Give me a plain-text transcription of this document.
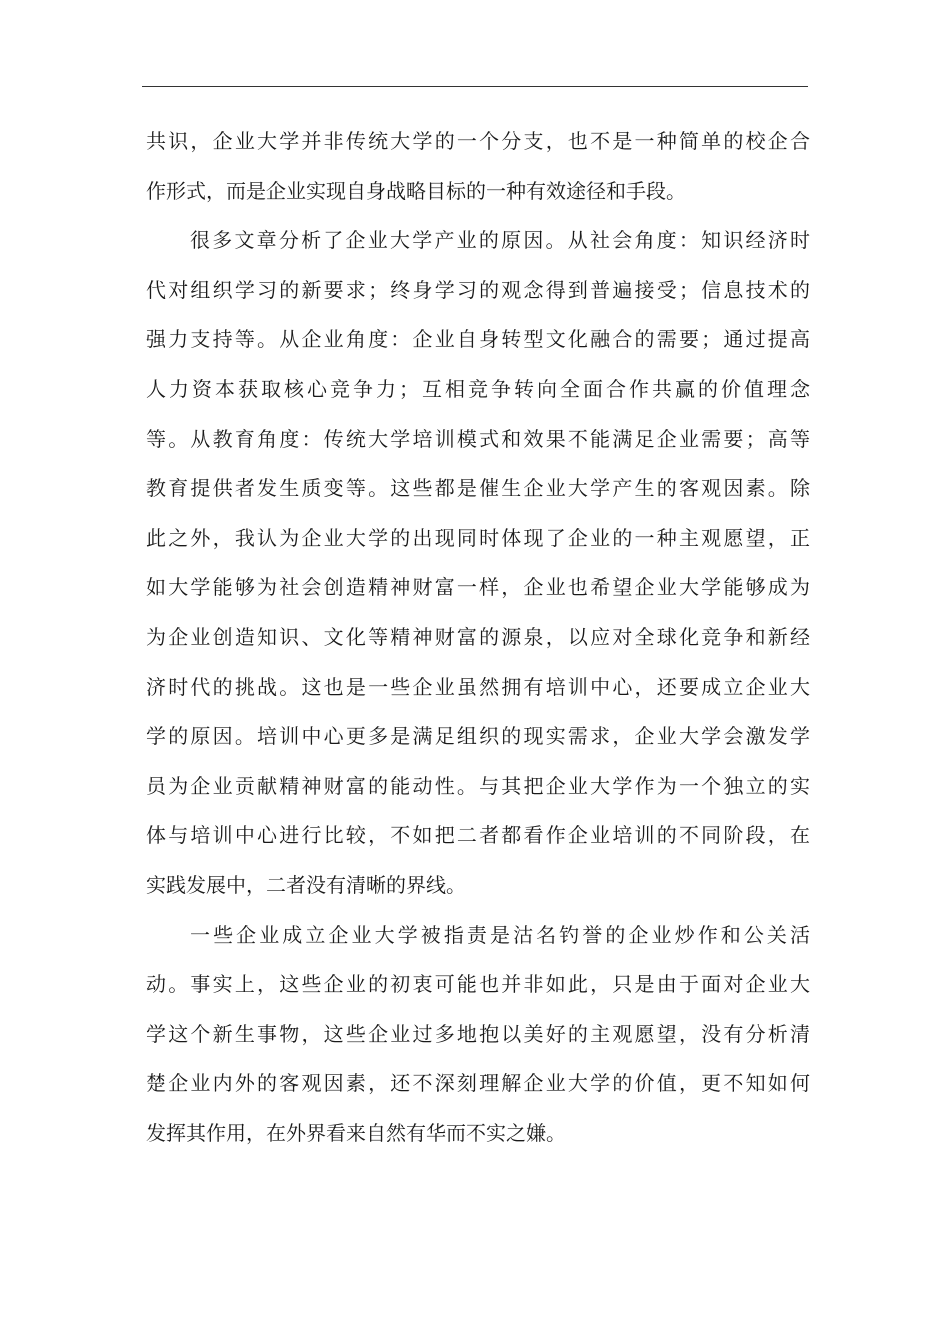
共识，企业大学并非传统大学的一个分支，也不是一种简单的校企合
作形式，而是企业实现自身战略目标的一种有效途径和手段。
很多文章分析了企业大学产业的原因。从社会角度：知识经济时
代对组织学习的新要求；终身学习的观念得到普遍接受；信息技术的
强力支持等。从企业角度：企业自身转型文化融合的需要；通过提高
人力资本获取核心竞争力；互相竞争转向全面合作共赢的价值理念
等。从教育角度：传统大学培训模式和效果不能满足企业需要；高等
教育提供者发生质变等。这些都是催生企业大学产生的客观因素。除
此之外，我认为企业大学的出现同时体现了企业的一种主观愿望，正
如大学能够为社会创造精神财富一样，企业也希望企业大学能够成为
为企业创造知识、文化等精神财富的源泉，以应对全球化竞争和新经
济时代的挑战。这也是一些企业虽然拥有培训中心，还要成立企业大
学的原因。培训中心更多是满足组织的现实需求，企业大学会激发学
员为企业贡献精神财富的能动性。与其把企业大学作为一个独立的实
体与培训中心进行比较，不如把二者都看作企业培训的不同阶段，在
实践发展中，二者没有清晰的界线。
一些企业成立企业大学被指责是沽名钓誉的企业炒作和公关活
动。事实上，这些企业的初衷可能也并非如此，只是由于面对企业大
学这个新生事物，这些企业过多地抱以美好的主观愿望，没有分析清
楚企业内外的客观因素，还不深刻理解企业大学的价值，更不知如何
发挥其作用，在外界看来自然有华而不实之嫌。
